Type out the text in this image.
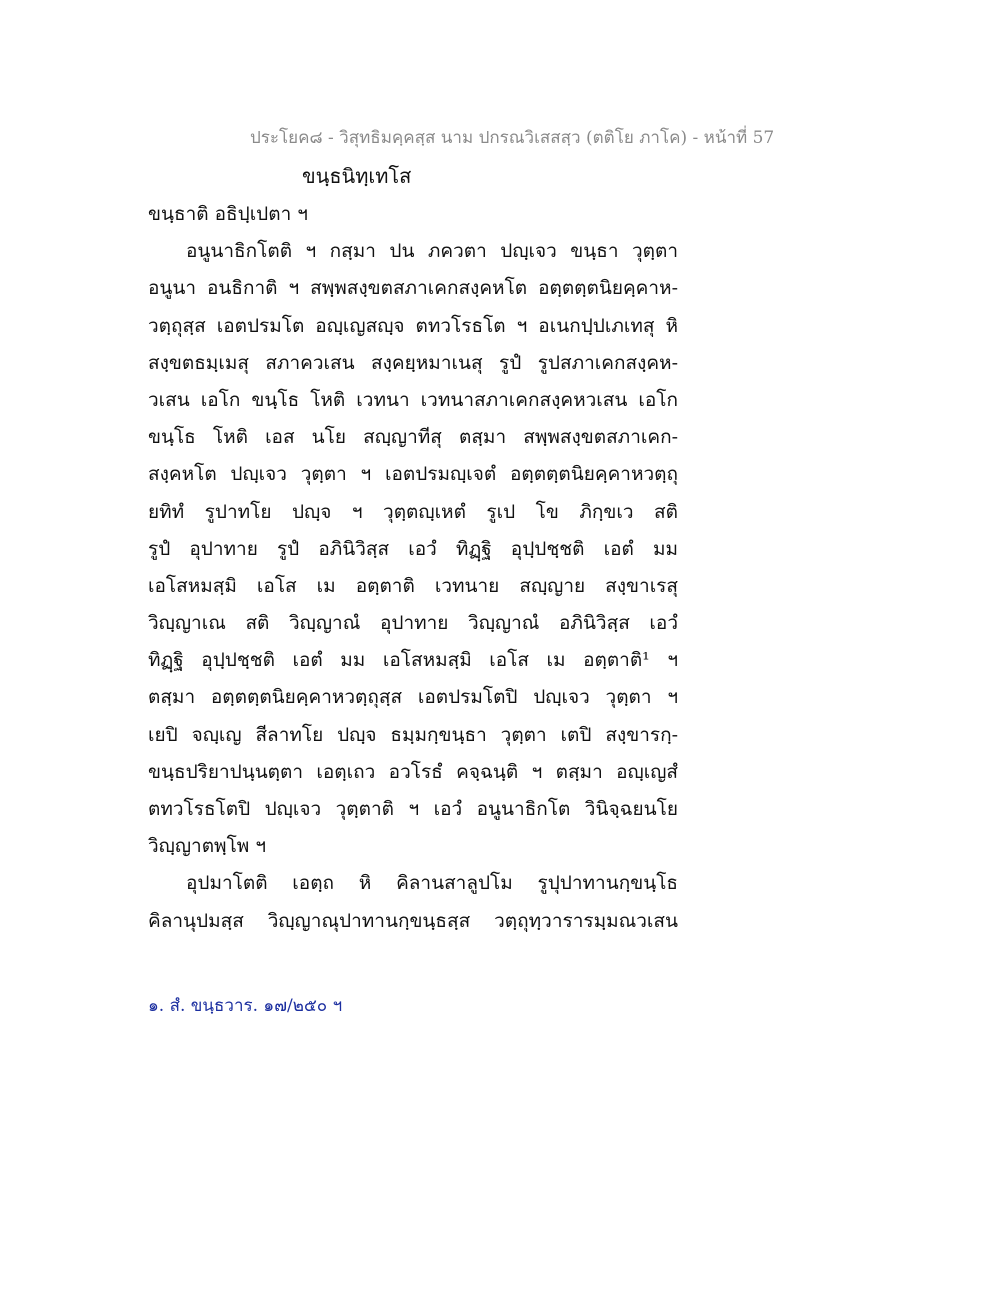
ประโยค๘ - วิสุทธิมคฺคสฺส นาม ปกรณวิเสสสฺว (ตติโย ภาโค) - หน้าที่ 57
ขนฺธนิทฺเทโส
ขนฺธาติ อธิปฺเปตา ฯ
อนูนาธิกโตติ ฯ กสฺมา ปน ภควตา ปญฺเจว ขนฺธา วุตฺตา
อนูนา อนธิกาติ ฯ สพฺพสงฺขตสภาเคกสงฺคหโต อตฺตตฺตนิยคฺคาห-
วตฺถุสฺส เอตปรมโต อญฺเญสญฺจ ตทวโรธโต ฯ อเนกปฺปเภเทสุ หิ
สงฺขตธมฺเมสุ สภาควเสน สงฺคยฺหมาเนสุ รูปํ รูปสภาเคกสงฺคห-
วเสน เอโก ขนฺโธ โหติ เวทนา เวทนาสภาเคกสงฺคหวเสน เอโก
ขนฺโธ โหติ เอส นโย สญฺญาทีสุ ตสฺมา สพฺพสงฺขตสภาเคก-
สงฺคหโต ปญฺเจว วุตฺตา ฯ เอตปรมญฺเจตํ อตฺตตฺตนิยคฺคาหวตฺถุ
ยทิทํ รูปาทโย ปญฺจ ฯ วุตฺตญฺเหตํ รูเป โข ภิกฺขเว สติ
รูปํ อุปาทาย รูปํ อภินิวิสฺส เอวํ ทิฏฺฐิ อุปฺปชฺชติ เอตํ มม
เอโสหมสฺมิ เอโส เม อตฺตาติ เวทนาย สญฺญาย สงฺขาเรสุ
วิญฺญาเณ สติ วิญฺญาณํ อุปาทาย วิญฺญาณํ อภินิวิสฺส เอวํ
ทิฏฺฐิ อุปฺปชฺชติ เอตํ มม เอโสหมสฺมิ เอโส เม อตฺตาติ¹ ฯ
ตสฺมา อตฺตตฺตนิยคฺคาหวตฺถุสฺส เอตปรมโตปิ ปญฺเจว วุตฺตา ฯ
เยปิ จญฺเญ สีลาทโย ปญฺจ ธมฺมกฺขนฺธา วุตฺตา เตปิ สงฺขารกฺ-
ขนฺธปริยาปนฺนตฺตา เอตฺเถว อวโรธํ คจฺฉนฺติ ฯ ตสฺมา อญฺเญสํ
ตทวโรธโตปิ ปญฺเจว วุตฺตาติ ฯ เอวํ อนูนาธิกโต วินิจฺฉยนโย
วิญฺญาตพฺโพ ฯ
อุปมาโตติ เอตฺถ หิ คิลานสาลูปโม รูปุปาทานกฺขนฺโธ
คิลานุปมสฺส วิญฺญาณุปาทานกฺขนฺธสฺส วตฺถุทฺวารารมฺมณวเสน
๑. สํ. ขนฺธวาร. ๑๗/๒๕๐ ฯ
